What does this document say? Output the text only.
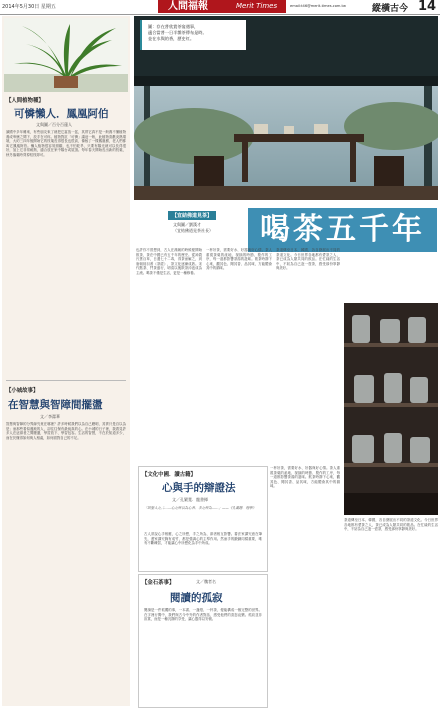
2014年5月30日 星期五	人間福報	Merit Times	email:t46@merit-times.com.tw	縱橫古今 14
【人間植物種】
可憐懶人．鳳凰阿伯
文與圖／百分百蓮人
讀國中多年睡來，有些朋友來了就把它當放一盆，其實它真不是一般養不懂植物養成卑懷之間下，放手在可疼。植物對抗「可憐」讓這一般，此植物喜歡炎熱環境，大約三四年後開始它的枝葉長得很長也很高，像極了一棵鳳凰樹，老人們都叫它鳳凰阿伯。懶人植物很容易照顧，也不怕乾旱，只要有陽光就可以長得很好，加上它非常耐熱，適合放在家中陽台或屋頂。每年春天開始長出新的枝葉，秋冬落葉時剪掉枯枝即可。
【小城故事】
在智慧與智障間擺盪
文／李潔華
智慧與智障的分界線究竟在哪裡？許多時候我們以為自己聰明，其實只是自以為是；而那些看似遲鈍的人，卻往往保有最純真的心。在小城的日子裡，我看見許多人在這兩者之間擺盪，學習放下、學習包容。生活的智慧，不在於知道多少，而在於懂得如何與人相處，如何面對自己的不足。
圖：存在普欣賞茶宴遇事，
適合當普一日半雜茶傳布是時。
並在水與的香，歷史紅。
【宜結佛道見茶】
文與圖／劉漢才
（宜結佛道見茶社長）	喝茶五千年
也許你不曾想到，古人在漢朝的時候便開始飲茶，茶在中國已有五千年的歷史。從神農氏嘗百草，日遇七十二毒，得茶而解之，到唐朝陸羽著《茶經》，茶文化逐漸成熟。宋代點茶、鬥茶盛行，明清以後散茶沖泡成為主流。喝茶不僅是生活，更是一種修養。
一杯好茶，需要好水、好器與好心情。茶人重視茶葉的產地、採摘的時節、製作的工序，每一道都影響茶湯的滋味。飲茶時靜下心來，觀其色、聞其香、品其味，方能體會其中的韻味。
茶道傳至日本、韓國，各自發展出不同的茶道文化。今日世界各地都有愛茶之人，茶已成為人類共同的飲品。在忙碌的生活中，不妨為自己泡一壺茶，感受那份寧靜與美好。
茶道傳至日本、韓國，各自發展出不同的茶道文化。今日世界各地都有愛茶之人，茶已成為人類共同的飲品。在忙碌的生活中，不妨為自己泡一壺茶，感受那份寧靜與美好。
【文化中國．讀古籍】
心與手的辯證法
文／孔繁寬．龍書揮
「故聖人之言……心之所以為心者，手之所為……」——《孔叢題．理學》
古人常說心手相應，心之所想，手之所為，兩者相互影響。書法家講究意在筆先，畫家講究胸有成竹，都是強調心的主導作用。然而手的鍛鍊同樣重要，唯有不斷練習，才能讓心中所想化為手中所成。
【金石茶事】	文／魏者名
閱讀的孤寂
閱讀是一件孤獨的事，一本書、一盞燈、一杯茶，便能構成一個完整的世界。在字裡行間中，我們與古今中外的作者對話，感受他們的喜怒哀樂。孤寂並非寂寞，而是一種沉靜的享受，讓心靈得以安頓。
一杯好茶，需要好水、好器與好心情。茶人重視茶葉的產地、採摘的時節、製作的工序，每一道都影響茶湯的滋味。飲茶時靜下心來，觀其色、聞其香、品其味，方能體會其中的韻味。
